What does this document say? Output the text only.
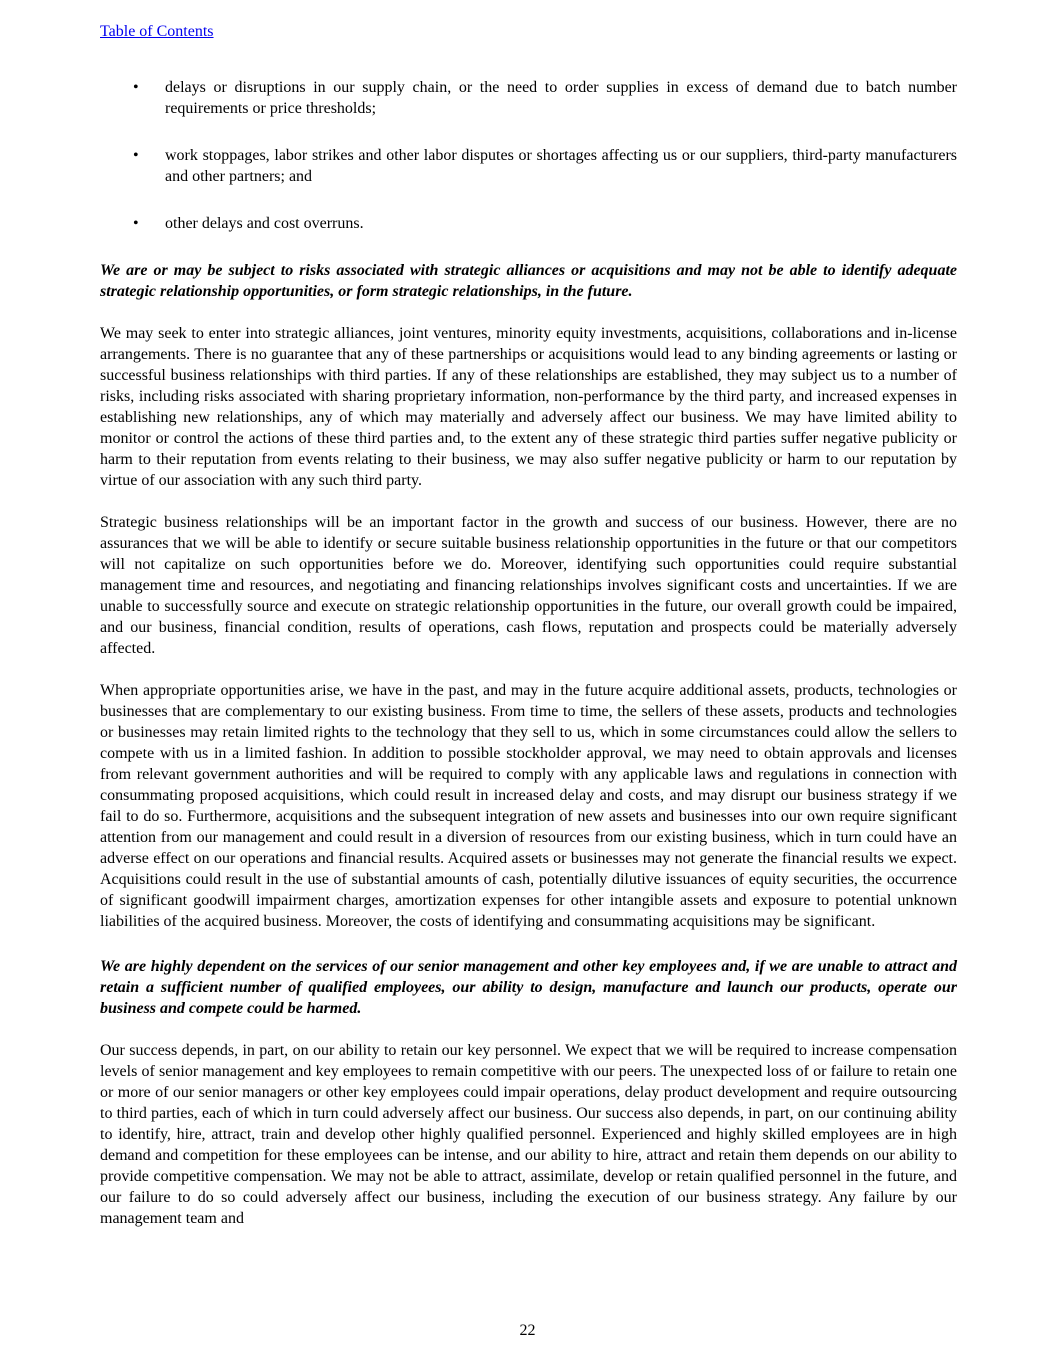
Table of Contents
• delays or disruptions in our supply chain, or the need to order supplies in excess of demand due to batch number requirements or price thresholds;
• work stoppages, labor strikes and other labor disputes or shortages affecting us or our suppliers, third-party manufacturers and other partners; and
• other delays and cost overruns.

We are or may be subject to risks associated with strategic alliances or acquisitions and may not be able to identify adequate strategic relationship opportunities, or form strategic relationships, in the future.

We may seek to enter into strategic alliances, joint ventures, minority equity investments, acquisitions, collaborations and in-license arrangements. There is no guarantee that any of these partnerships or acquisitions would lead to any binding agreements or lasting or successful business relationships with third parties. If any of these relationships are established, they may subject us to a number of risks, including risks associated with sharing proprietary information, non-performance by the third party, and increased expenses in establishing new relationships, any of which may materially and adversely affect our business. We may have limited ability to monitor or control the actions of these third parties and, to the extent any of these strategic third parties suffer negative publicity or harm to their reputation from events relating to their business, we may also suffer negative publicity or harm to our reputation by virtue of our association with any such third party.

Strategic business relationships will be an important factor in the growth and success of our business. However, there are no assurances that we will be able to identify or secure suitable business relationship opportunities in the future or that our competitors will not capitalize on such opportunities before we do. Moreover, identifying such opportunities could require substantial management time and resources, and negotiating and financing relationships involves significant costs and uncertainties. If we are unable to successfully source and execute on strategic relationship opportunities in the future, our overall growth could be impaired, and our business, financial condition, results of operations, cash flows, reputation and prospects could be materially adversely affected.

When appropriate opportunities arise, we have in the past, and may in the future acquire additional assets, products, technologies or businesses that are complementary to our existing business. From time to time, the sellers of these assets, products and technologies or businesses may retain limited rights to the technology that they sell to us, which in some circumstances could allow the sellers to compete with us in a limited fashion. In addition to possible stockholder approval, we may need to obtain approvals and licenses from relevant government authorities and will be required to comply with any applicable laws and regulations in connection with consummating proposed acquisitions, which could result in increased delay and costs, and may disrupt our business strategy if we fail to do so. Furthermore, acquisitions and the subsequent integration of new assets and businesses into our own require significant attention from our management and could result in a diversion of resources from our existing business, which in turn could have an adverse effect on our operations and financial results. Acquired assets or businesses may not generate the financial results we expect. Acquisitions could result in the use of substantial amounts of cash, potentially dilutive issuances of equity securities, the occurrence of significant goodwill impairment charges, amortization expenses for other intangible assets and exposure to potential unknown liabilities of the acquired business. Moreover, the costs of identifying and consummating acquisitions may be significant.

We are highly dependent on the services of our senior management and other key employees and, if we are unable to attract and retain a sufficient number of qualified employees, our ability to design, manufacture and launch our products, operate our business and compete could be harmed.

Our success depends, in part, on our ability to retain our key personnel. We expect that we will be required to increase compensation levels of senior management and key employees to remain competitive with our peers. The unexpected loss of or failure to retain one or more of our senior managers or other key employees could impair operations, delay product development and require outsourcing to third parties, each of which in turn could adversely affect our business. Our success also depends, in part, on our continuing ability to identify, hire, attract, train and develop other highly qualified personnel. Experienced and highly skilled employees are in high demand and competition for these employees can be intense, and our ability to hire, attract and retain them depends on our ability to provide competitive compensation. We may not be able to attract, assimilate, develop or retain qualified personnel in the future, and our failure to do so could adversely affect our business, including the execution of our business strategy. Any failure by our management team and

22
